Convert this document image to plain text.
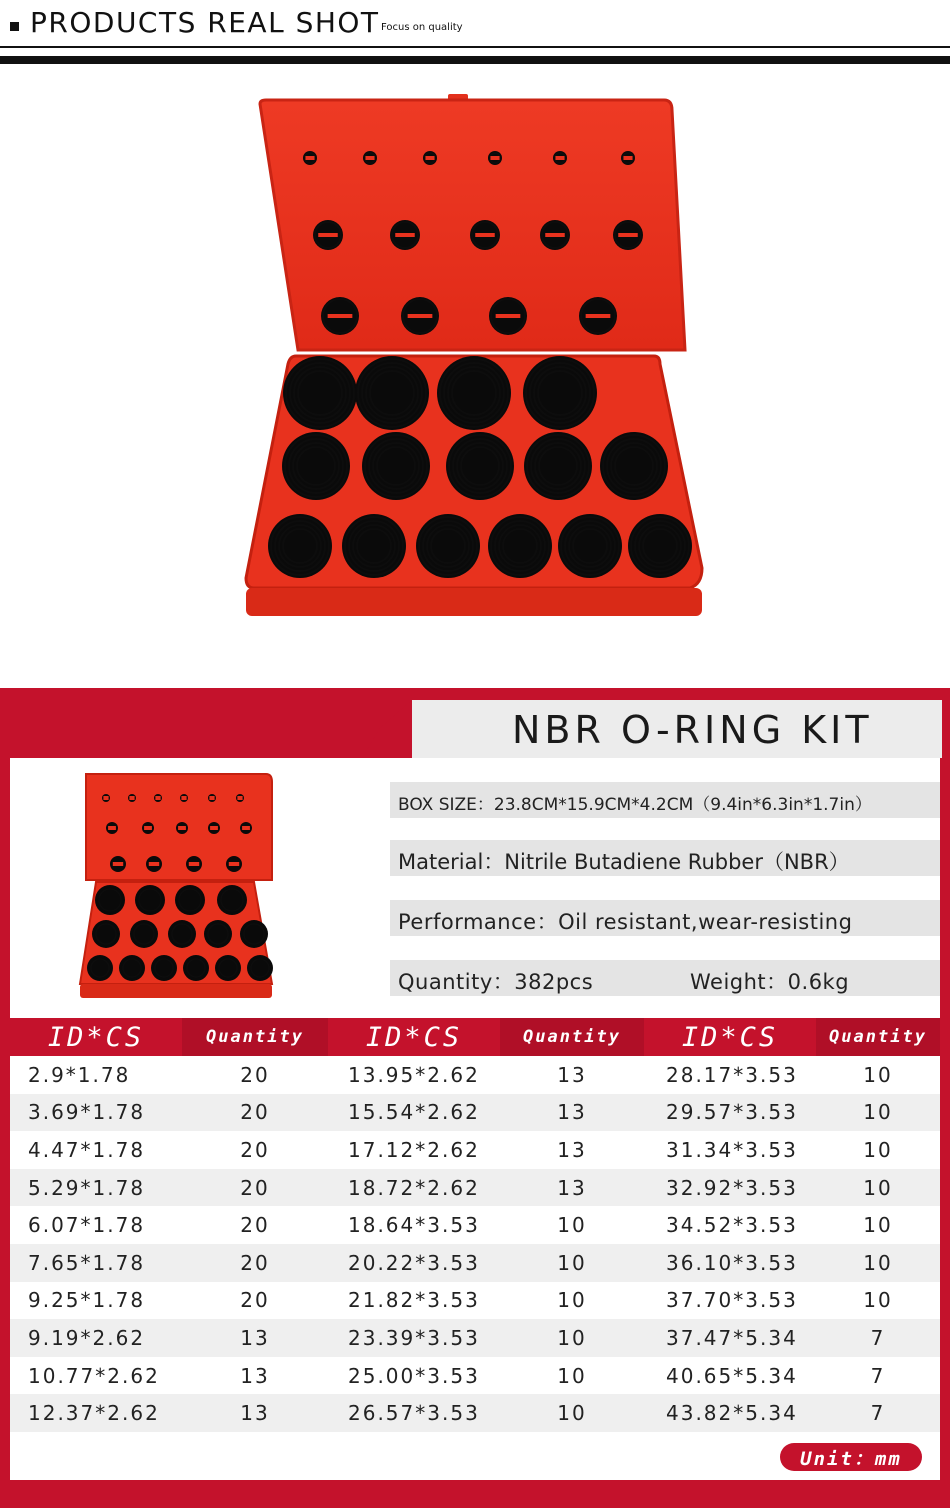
PRODUCTS REAL SHOT Focus on quality
NBR O-RING KIT
BOX SIZE：23.8CM*15.9CM*4.2CM（9.4in*6.3in*1.7in）
Material：Nitrile Butadiene Rubber（NBR）
Performance：Oil resistant,wear-resisting
Quantity：382pcs	Weight：0.6kg
ID*CS	Quantity	ID*CS	Quantity	ID*CS	Quantity
2.9*1.78	20	13.95*2.62	13	28.17*3.53	10
3.69*1.78	20	15.54*2.62	13	29.57*3.53	10
4.47*1.78	20	17.12*2.62	13	31.34*3.53	10
5.29*1.78	20	18.72*2.62	13	32.92*3.53	10
6.07*1.78	20	18.64*3.53	10	34.52*3.53	10
7.65*1.78	20	20.22*3.53	10	36.10*3.53	10
9.25*1.78	20	21.82*3.53	10	37.70*3.53	10
9.19*2.62	13	23.39*3.53	10	37.47*5.34	7
10.77*2.62	13	25.00*3.53	10	40.65*5.34	7
12.37*2.62	13	26.57*3.53	10	43.82*5.34	7
Unit：mm
